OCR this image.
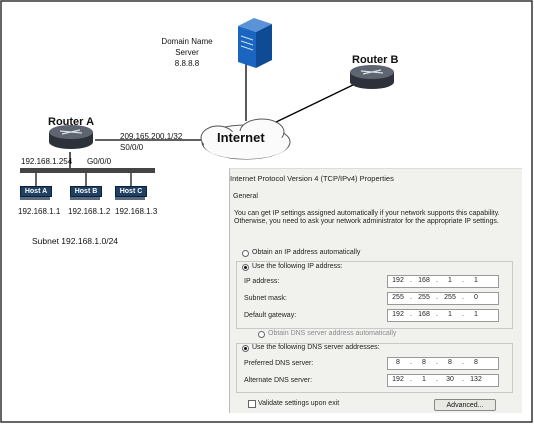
Domain Name
Server
8.8.8.8
Internet
Router A
Router B
209.165.200.1/32
S0/0/0
192.168.1.254 G0/0/0
Host A	Host B	Host C
192.168.1.1 192.168.1.2 192.168.1.3
Subnet 192.168.1.0/24
Internet Protocol Version 4 (TCP/IPv4) Properties
General
You can get IP settings assigned automatically if your network supports this capability. Otherwise, you need to ask your network administrator for the appropriate IP settings.
Obtain an IP address automatically
Use the following IP address:
IP address:	192 . 168 .	1	.	1
Subnet mask:	255 . 255 . 255 .	0
Default gateway:	192 . 168 .	1	.	1
Obtain DNS server address automatically
Use the following DNS server addresses:
Preferred DNS server:	8	.	8	.	8	.	8
Alternate DNS server:	192 .	1	.	30	. 132
Validate settings upon exit	Advanced...
